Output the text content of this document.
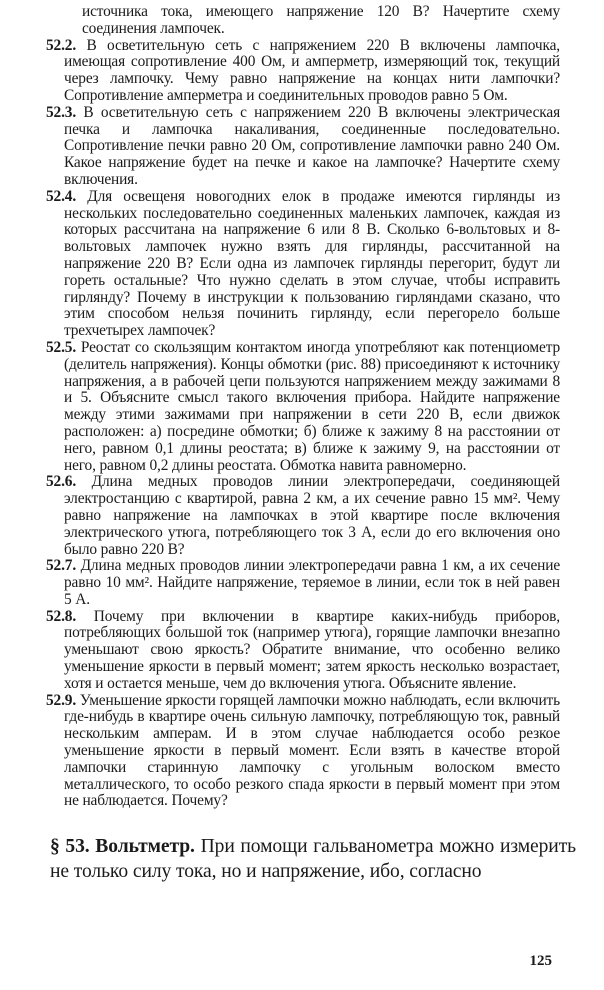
источника тока, имеющего напряжение 120 В? Начертите схему соединения лампочек.

52.2. В осветительную сеть с напряжением 220 В включены лампочка, имеющая сопротивление 400 Ом, и амперметр, измеряющий ток, текущий через лампочку. Чему равно напряжение на концах нити лампочки? Сопротивление амперметра и соединительных проводов равно 5 Ом.

52.3. В осветительную сеть с напряжением 220 В включены электрическая печка и лампочка накаливания, соединенные последовательно. Сопротивление печки равно 20 Ом, сопротивление лампочки равно 240 Ом. Какое напряжение будет на печке и какое на лампочке? Начертите схему включения.

52.4. Для освещеня новогодних елок в продаже имеются гирлянды из нескольких последовательно соединенных маленьких лампочек, каждая из которых рассчитана на напряжение 6 или 8 В. Сколько 6-вольтовых и 8-вольтовых лампочек нужно взять для гирлянды, рассчитанной на напряжение 220 В? Если одна из лампочек гирлянды перегорит, будут ли гореть остальные? Что нужно сделать в этом случае, чтобы исправить гирлянду? Почему в инструкции к пользованию гирляндами сказано, что этим способом нельзя починить гирлянду, если перегорело больше трехчетырех лампочек?

52.5. Реостат со скользящим контактом иногда употребляют как потенциометр (делитель напряжения). Концы обмотки (рис. 88) присоединяют к источнику напряжения, а в рабочей цепи пользуются напряжением между зажимами 8 и 5. Объясните смысл такого включения прибора. Найдите напряжение между этими зажимами при напряжении в сети 220 В, если движок расположен: а) посредине обмотки; б) ближе к зажиму 8 на расстоянии от него, равном 0,1 длины реостата; в) ближе к зажиму 9, на расстоянии от него, равном 0,2 длины реостата. Обмотка навита равномерно.

52.6. Длина медных проводов линии электропередачи, соединяющей электростанцию с квартирой, равна 2 км, а их сечение равно 15 мм². Чему равно напряжение на лампочках в этой квартире после включения электрического утюга, потребляющего ток 3 А, если до его включения оно было равно 220 В?

52.7. Длина медных проводов линии электропередачи равна 1 км, а их сечение равно 10 мм². Найдите напряжение, теряемое в линии, если ток в ней равен 5 А.

52.8. Почему при включении в квартире каких-нибудь приборов, потребляющих большой ток (например утюга), горящие лампочки внезапно уменьшают свою яркость? Обратите внимание, что особенно велико уменьшение яркости в первый момент; затем яркость несколько возрастает, хотя и остается меньше, чем до включения утюга. Объясните явление.

52.9. Уменьшение яркости горящей лампочки можно наблюдать, если включить где-нибудь в квартире очень сильную лампочку, потребляющую ток, равный нескольким амперам. И в этом случае наблюдается особо резкое уменьшение яркости в первый момент. Если взять в качестве второй лампочки старинную лампочку с угольным волоском вместо металлического, то особо резкого спада яркости в первый момент при этом не наблюдается. Почему?

§ 53. Вольтметр. При помощи гальванометра можно измерить не только силу тока, но и напряжение, ибо, согласно

125
